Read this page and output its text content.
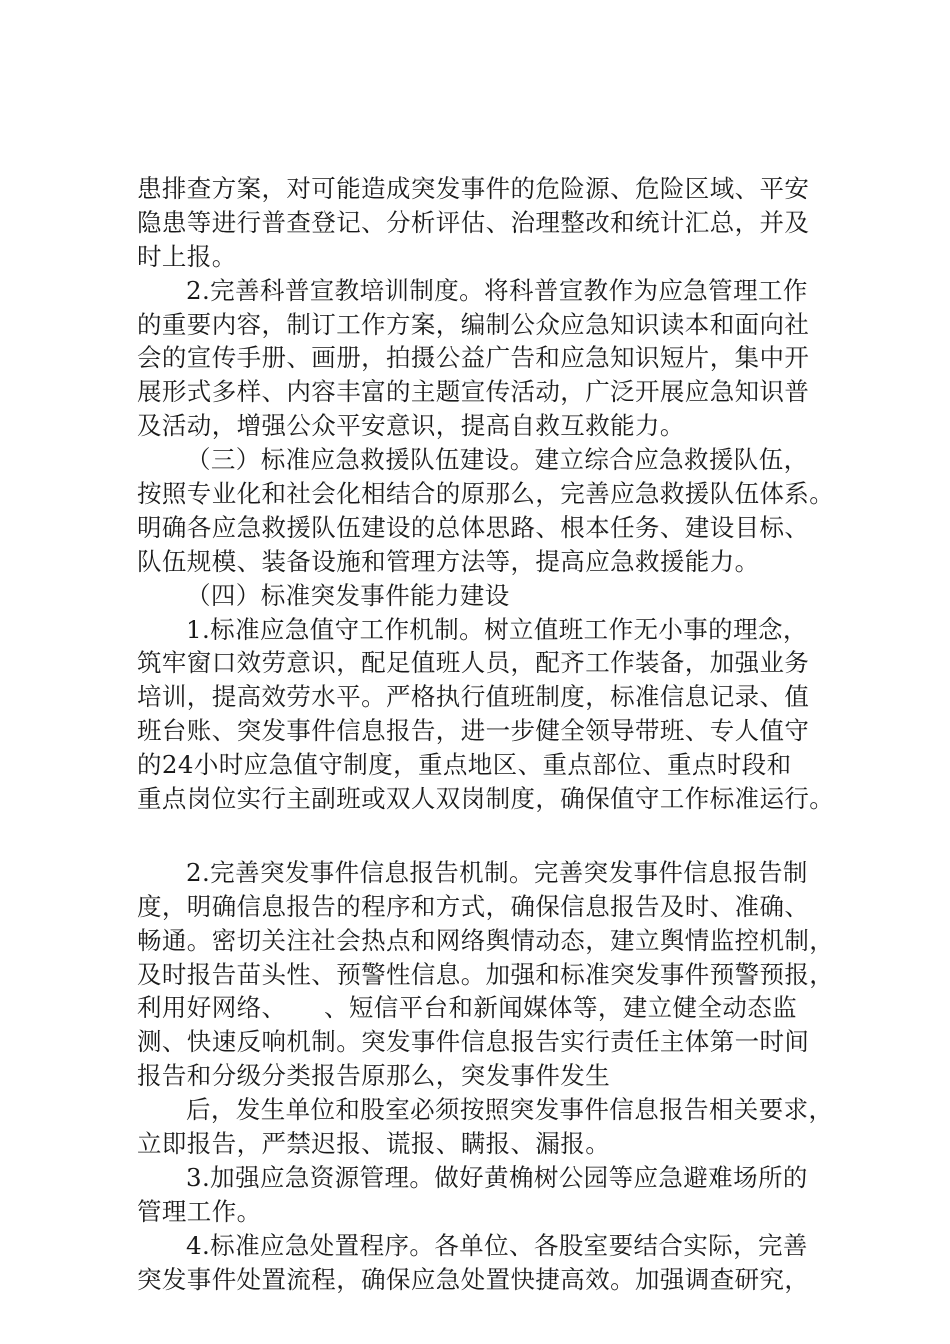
患排查方案，对可能造成突发事件的危险源、危险区域、平安
隐患等进行普查登记、分析评估、治理整改和统计汇总，并及
时上报。
2.完善科普宣教培训制度。将科普宣教作为应急管理工作
的重要内容，制订工作方案，编制公众应急知识读本和面向社
会的宣传手册、画册，拍摄公益广告和应急知识短片，集中开
展形式多样、内容丰富的主题宣传活动，广泛开展应急知识普
及活动，增强公众平安意识，提高自救互救能力。
（三）标准应急救援队伍建设。建立综合应急救援队伍，
按照专业化和社会化相结合的原那么，完善应急救援队伍体系。
明确各应急救援队伍建设的总体思路、根本任务、建设目标、
队伍规模、装备设施和管理方法等，提高应急救援能力。
（四）标准突发事件能力建设
1.标准应急值守工作机制。树立值班工作无小事的理念，
筑牢窗口效劳意识，配足值班人员，配齐工作装备，加强业务
培训，提高效劳水平。严格执行值班制度，标准信息记录、值
班台账、突发事件信息报告，进一步健全领导带班、专人值守
的24小时应急值守制度，重点地区、重点部位、重点时段和
重点岗位实行主副班或双人双岗制度，确保值守工作标准运行。
2.完善突发事件信息报告机制。完善突发事件信息报告制
度，明确信息报告的程序和方式，确保信息报告及时、准确、
畅通。密切关注社会热点和网络舆情动态，建立舆情监控机制，
及时报告苗头性、预警性信息。加强和标准突发事件预警预报，
利用好网络、　　、短信平台和新闻媒体等，建立健全动态监
测、快速反响机制。突发事件信息报告实行责任主体第一时间
报告和分级分类报告原那么，突发事件发生
后，发生单位和股室必须按照突发事件信息报告相关要求，
立即报告，严禁迟报、谎报、瞒报、漏报。
3.加强应急资源管理。做好黄桷树公园等应急避难场所的
管理工作。
4.标准应急处置程序。各单位、各股室要结合实际，完善
突发事件处置流程，确保应急处置快捷高效。加强调查研究，
